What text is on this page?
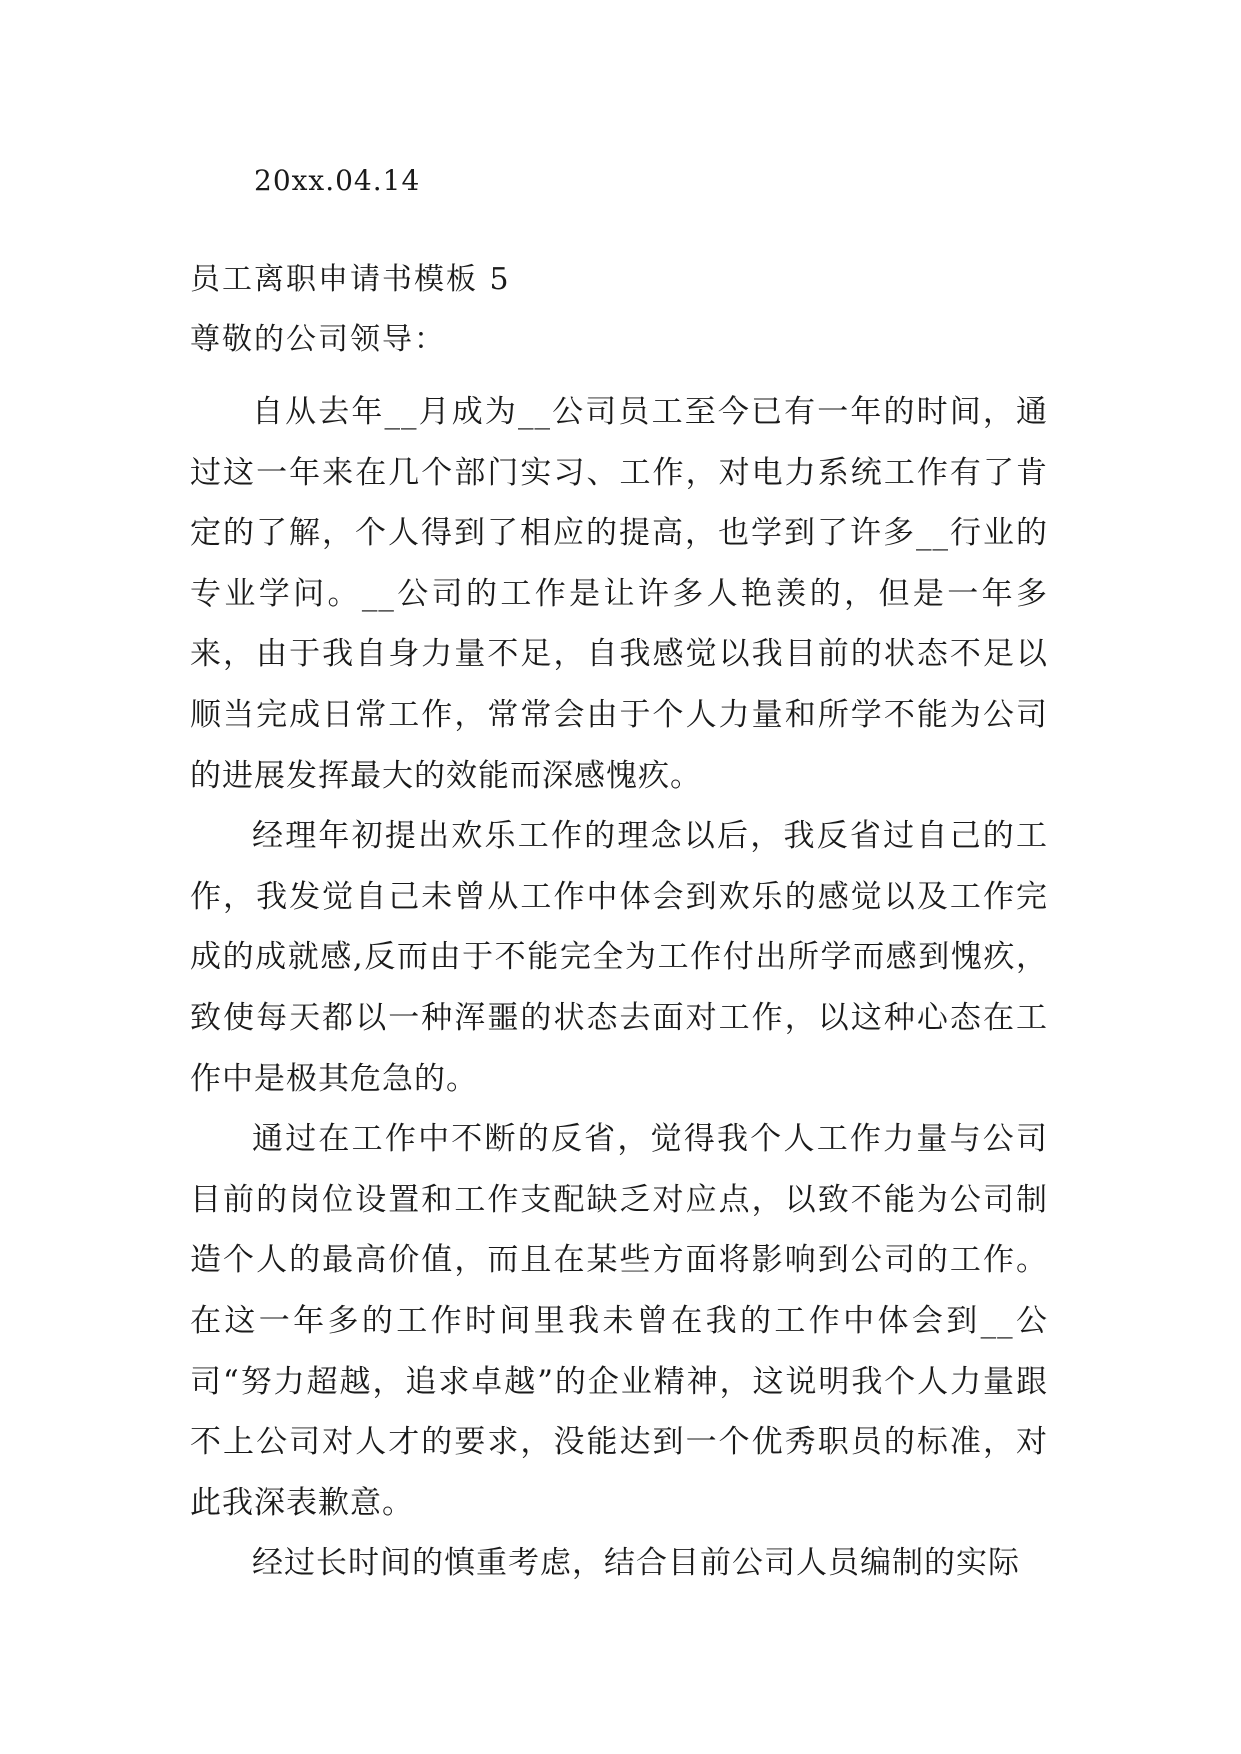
20xx.04.14
员工离职申请书模板 5
尊敬的公司领导：

自从去年__月成为__公司员工至今已有一年的时间，通过这一年来在几个部门实习、工作，对电力系统工作有了肯定的了解，个人得到了相应的提高，也学到了许多__行业的专业学问。__公司的工作是让许多人艳羡的，但是一年多来，由于我自身力量不足，自我感觉以我目前的状态不足以顺当完成日常工作，常常会由于个人力量和所学不能为公司的进展发挥最大的效能而深感愧疚。

经理年初提出欢乐工作的理念以后，我反省过自己的工作，我发觉自己未曾从工作中体会到欢乐的感觉以及工作完成的成就感,反而由于不能完全为工作付出所学而感到愧疚，致使每天都以一种浑噩的状态去面对工作，以这种心态在工作中是极其危急的。

通过在工作中不断的反省，觉得我个人工作力量与公司目前的岗位设置和工作支配缺乏对应点，以致不能为公司制造个人的最高价值，而且在某些方面将影响到公司的工作。在这一年多的工作时间里我未曾在我的工作中体会到__公司“努力超越，追求卓越”的企业精神，这说明我个人力量跟不上公司对人才的要求，没能达到一个优秀职员的标准，对此我深表歉意。

经过长时间的慎重考虑，结合目前公司人员编制的实际
